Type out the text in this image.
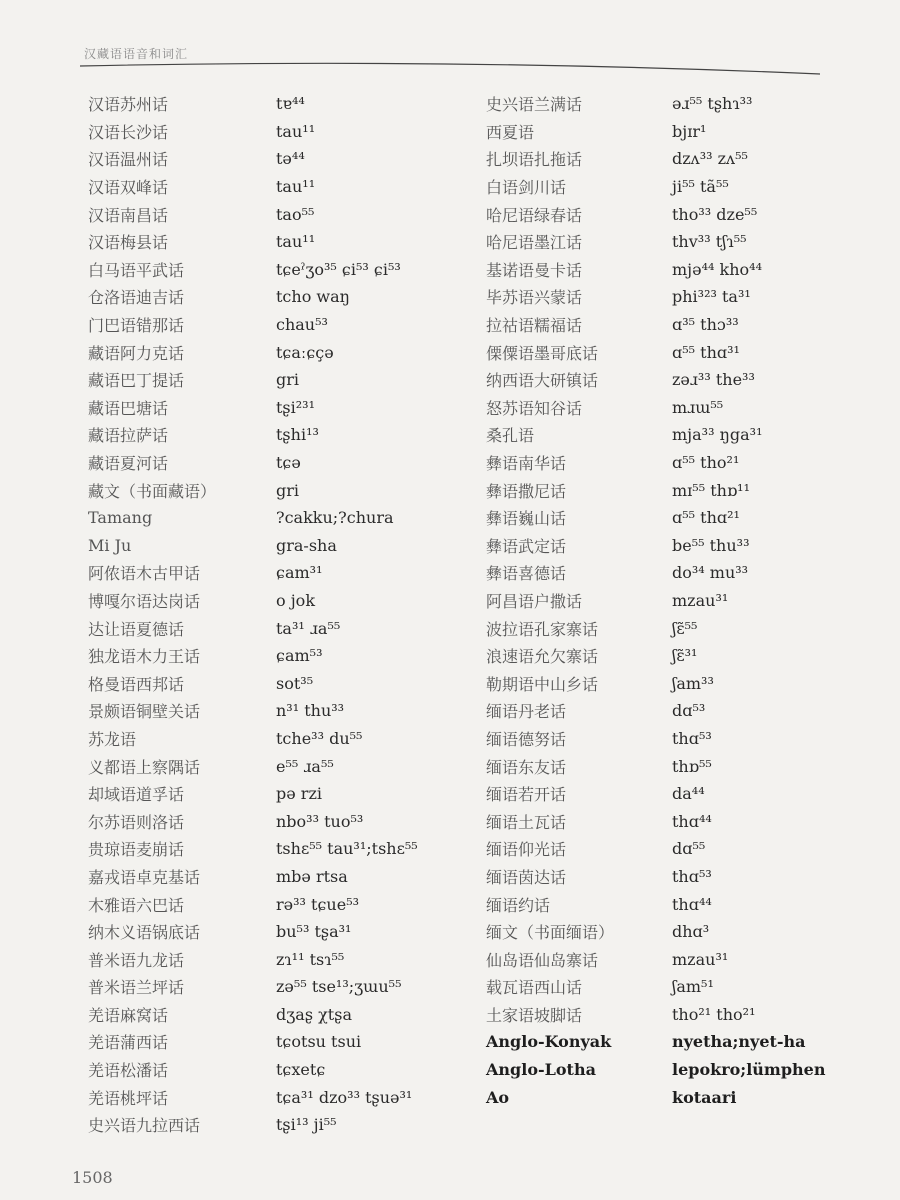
汉藏语语音和词汇
汉语苏州话	tɐ⁴⁴
汉语长沙话	tau¹¹
汉语温州话	tə⁴⁴
汉语双峰话	tau¹¹
汉语南昌话	tao⁵⁵
汉语梅县话	tau¹¹
白马语平武话	tɕeˀʒo³⁵ ɕi⁵³ ɕi⁵³
仓洛语迪吉话	tcho waŋ
门巴语错那话	chau⁵³
藏语阿力克话	tɕaːɕçə
藏语巴丁提话	gri
藏语巴塘话	tʂi²³¹
藏语拉萨话	tʂhi¹³
藏语夏河话	tɕə
藏文（书面藏语）	gri
Tamang	?cakku;?chura
Mi Ju	gra-sha
阿侬语木古甲话	ɕam³¹
博嘎尔语达岗话	o jok
达让语夏德话	ta³¹ ɹa⁵⁵
独龙语木力王话	ɕam⁵³
格曼语西邦话	sot³⁵
景颇语铜壁关话	n³¹ thu³³
苏龙语	tche³³ du⁵⁵
义都语上察隅话	e⁵⁵ ɹa⁵⁵
却域语道孚话	pə rzi
尔苏语则洛话	nbo³³ tuo⁵³
贵琼语麦崩话	tshɛ⁵⁵ tau³¹;tshɛ⁵⁵
嘉戎语卓克基话	mbə rtsa
木雅语六巴话	rə³³ tɕue⁵³
纳木义语锅底话	bu⁵³ tʂa³¹
普米语九龙话	zɿ¹¹ tsɿ⁵⁵
普米语兰坪话	zə⁵⁵ tse¹³;ʒɯu⁵⁵
羌语麻窝话	dʒaʂ χtʂa
羌语蒲西话	tɕotsu tsui
羌语松潘话	tɕxetɕ
羌语桃坪话	tɕa³¹ dzo³³ tʂuə³¹
史兴语九拉西话	tʂi¹³ ji⁵⁵
史兴语兰满话	əɹ⁵⁵ tʂhɿ³³
西夏语	bjɪr¹
扎坝语扎拖话	dzʌ³³ zʌ⁵⁵
白语剑川话	ji⁵⁵ tã⁵⁵
哈尼语绿春话	tho³³ dze⁵⁵
哈尼语墨江话	thv³³ tʃɿ⁵⁵
基诺语曼卡话	mjə⁴⁴ kho⁴⁴
毕苏语兴蒙话	phi³²³ ta³¹
拉祜语糯福话	ɑ³⁵ thɔ³³
傈僳语墨哥底话	ɑ⁵⁵ thɑ³¹
纳西语大研镇话	zəɹ³³ the³³
怒苏语知谷话	mɹɯ⁵⁵
桑孔语	mja³³ ŋga³¹
彝语南华话	ɑ⁵⁵ tho²¹
彝语撒尼话	mɪ⁵⁵ thɒ¹¹
彝语巍山话	ɑ⁵⁵ thɑ²¹
彝语武定话	be⁵⁵ thu³³
彝语喜德话	do³⁴ mu³³
阿昌语户撒话	mzau³¹
波拉语孔家寨话	ʃɛ̃⁵⁵
浪速语允欠寨话	ʃɛ̃³¹
勒期语中山乡话	ʃam³³
缅语丹老话	dɑ⁵³
缅语德努话	thɑ⁵³
缅语东友话	thɒ⁵⁵
缅语若开话	da⁴⁴
缅语土瓦话	thɑ⁴⁴
缅语仰光话	dɑ⁵⁵
缅语茵达话	thɑ⁵³
缅语约话	thɑ⁴⁴
缅文（书面缅语）	dhɑ³
仙岛语仙岛寨话	mzau³¹
载瓦语西山话	ʃam⁵¹
土家语坡脚话	tho²¹ tho²¹
Anglo-Konyak	nyetha;nyet-ha
Anglo-Lotha	lepokro;lümphen
Ao	kotaari
1508
